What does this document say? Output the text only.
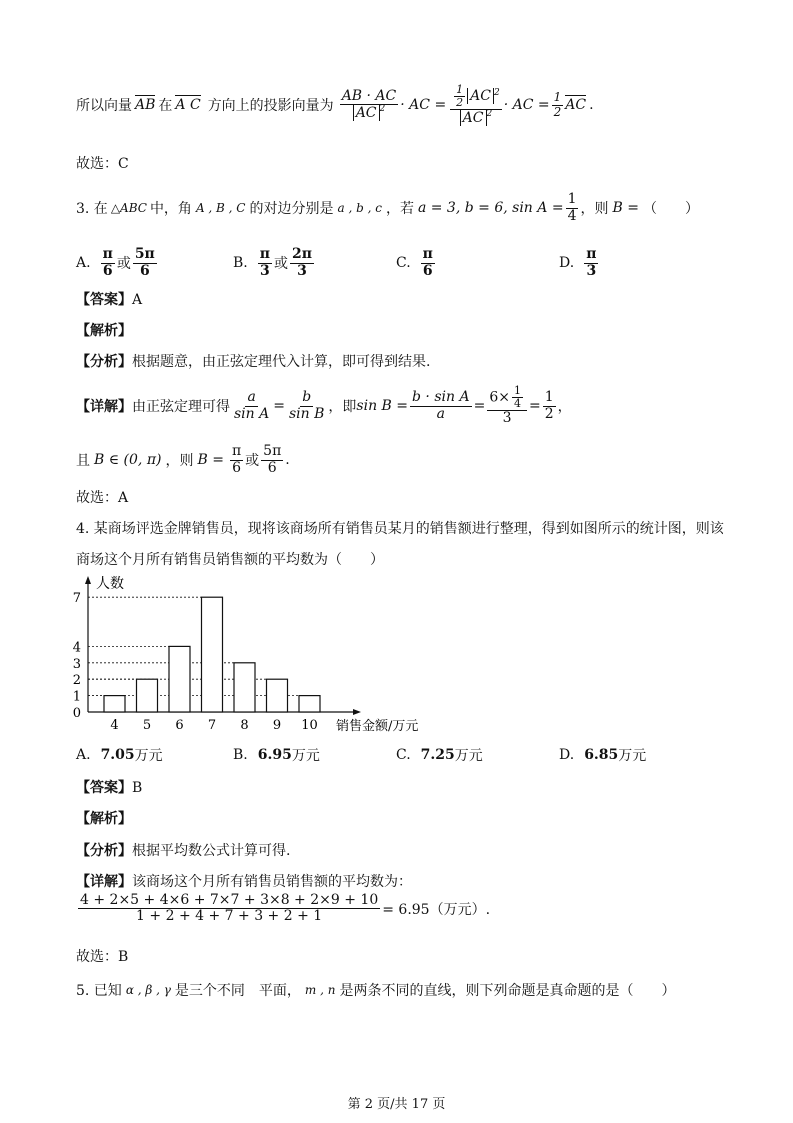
所以向量 AB 在 A C 方向上的投影向量为 $\frac{AB \cdot AC}{AC ^2}$ · AC = $\frac{\frac{1}{2} AC ^2}{AC ^2}$ · AC = $\frac{1}{2}$ AC .
故选：C
3. 在 △ABC 中，角 A , B , C 的对边分别是 a , b , c ，若 a = 3, b = 6, $\sin A = \frac{1}{4}$ ，则 B = （　　）
A. $\frac{\pi}{6}$ 或 $\frac{5\pi}{6}$	B. $\frac{\pi}{3}$ 或 $\frac{2\pi}{3}$	C. $\frac{\pi}{6}$	D. $\frac{\pi}{3}$
【答案】A
【解析】
【分析】根据题意，由正弦定理代入计算，即可得到结果.
【详解】 由正弦定理可得 $\frac{a}{\text{sin A}} = \frac{b}{\text{sin B}}$ ，即 $\sin B = \frac{\text{b · sin A}}{a} = \frac{6\times \frac{1}{4}}{3} = \frac{1}{2}$ ，
且 B ∈ (0, π) ，则 $B = \frac{\pi}{6}$ 或 $\frac{5\pi}{6}$ .
故选：A
4. 某商场评选金牌销售员，现将该商场所有销售员某月的销售额进行整理，得到如图所示的统计图，则该
商场这个月所有销售员销售额的平均数为（　　）
4 5 6 7 8 9 10
0
1
2
3
4
7
人数
销售金额/万元
A. 7.05 万元	B. 6.95 万元	C. 7.25 万元	D. 6.85 万元
【答案】B
【解析】
【分析】根据平均数公式计算可得.
【详解】该商场这个月所有销售员销售额的平均数为：
$\frac{4 + 2\times 5 + 4\times 6 + 7\times 7 + 3\times 8 + 2\times 9 + 10}{1 + 2 + 4 + 7 + 3 + 2 + 1} = 6.95$（万元）.
故选：B
5. 已知 α , β , γ 是三个不同　平面， m , n 是两条不同的直线，则下列命题是真命题的是（　　）
第 2 页/共 17 页
